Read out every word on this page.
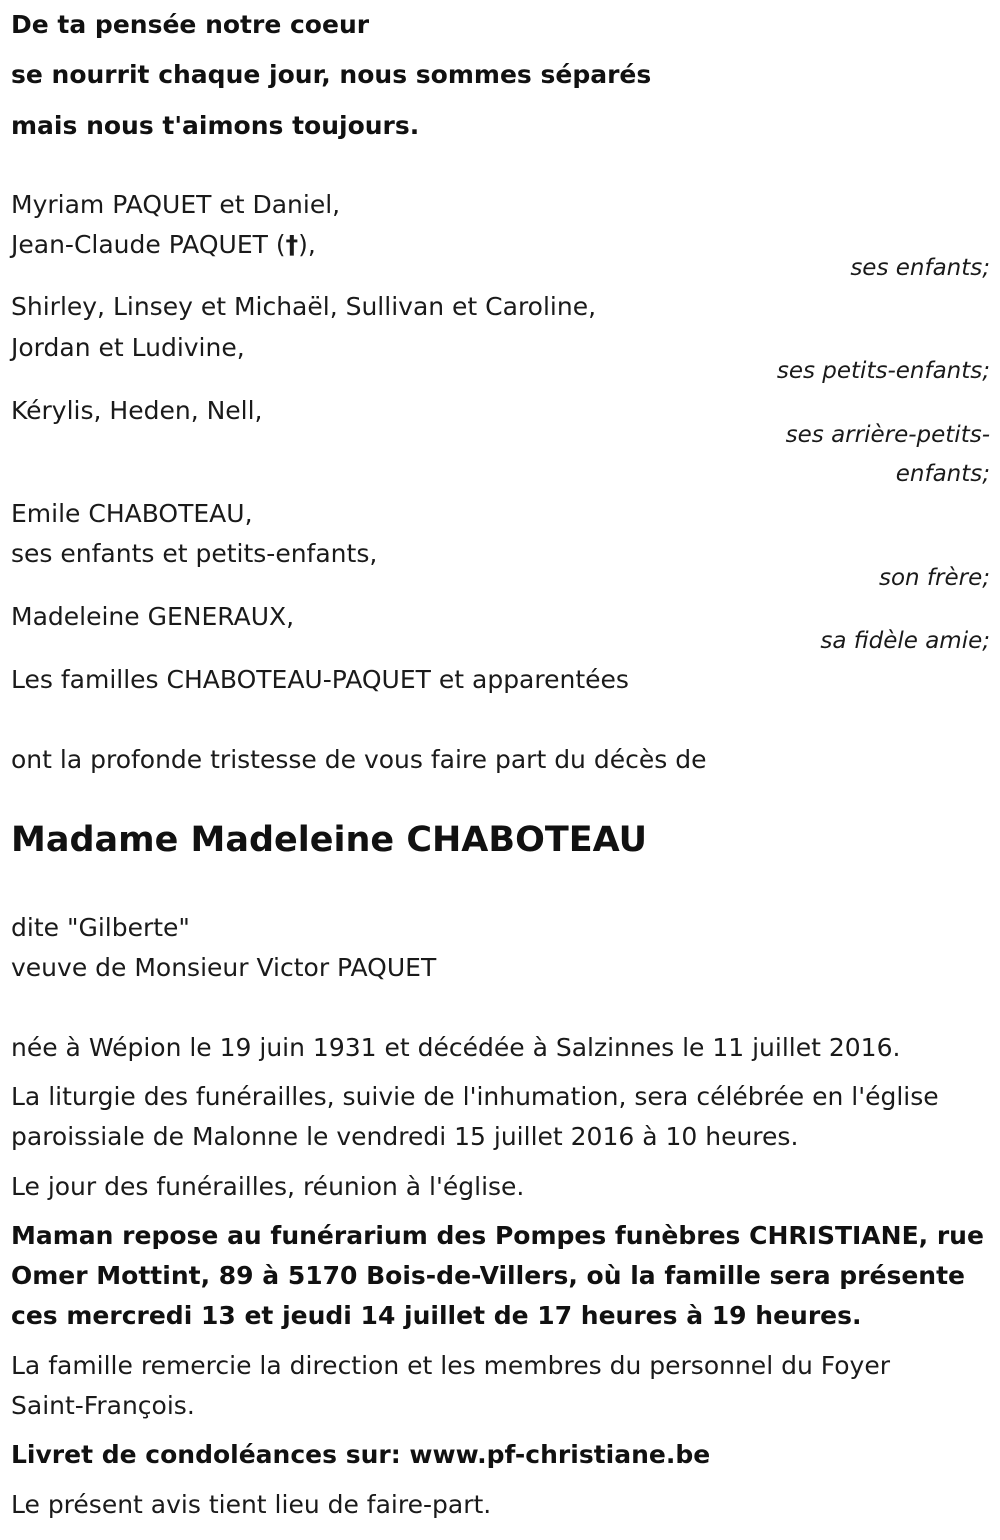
De ta pensée notre coeur
se nourrit chaque jour, nous sommes séparés
mais nous t'aimons toujours.
Myriam PAQUET et Daniel,
Jean-Claude PAQUET (†),
ses enfants;
Shirley, Linsey et Michaël, Sullivan et Caroline,
Jordan et Ludivine,
ses petits-enfants;
Kérylis, Heden, Nell,
ses arrière-petits-
enfants;
Emile CHABOTEAU,
ses enfants et petits-enfants,
son frère;
Madeleine GENERAUX,
sa fidèle amie;
Les familles CHABOTEAU-PAQUET et apparentées
ont la profonde tristesse de vous faire part du décès de
Madame Madeleine CHABOTEAU
dite "Gilberte"
veuve de Monsieur Victor PAQUET
née à Wépion le 19 juin 1931 et décédée à Salzinnes le 11 juillet 2016.
La liturgie des funérailles, suivie de l'inhumation, sera célébrée en l'église
paroissiale de Malonne le vendredi 15 juillet 2016 à 10 heures.
Le jour des funérailles, réunion à l'église.
Maman repose au funérarium des Pompes funèbres CHRISTIANE, rue
Omer Mottint, 89 à 5170 Bois-de-Villers, où la famille sera présente
ces mercredi 13 et jeudi 14 juillet de 17 heures à 19 heures.
La famille remercie la direction et les membres du personnel du Foyer
Saint-François.
Livret de condoléances sur: www.pf-christiane.be
Le présent avis tient lieu de faire-part.
